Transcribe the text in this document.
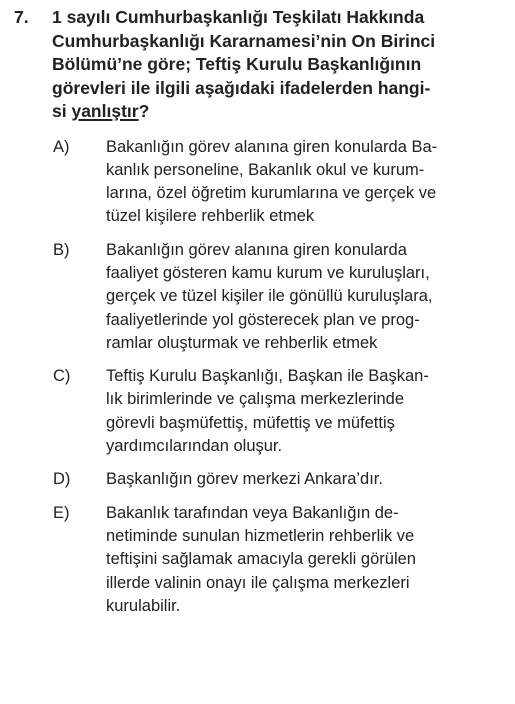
7.	1 sayılı Cumhurbaşkanlığı Teşkilatı Hakkında
Cumhurbaşkanlığı Kararnamesi’nin On Birinci
Bölümü’ne göre; Teftiş Kurulu Başkanlığının
görevleri ile ilgili aşağıdaki ifadelerden hangi-
si yanlıştır?
A)	Bakanlığın görev alanına giren konularda Ba-
kanlık personeline, Bakanlık okul ve kurum-
larına, özel öğretim kurumlarına ve gerçek ve
tüzel kişilere rehberlik etmek
B)	Bakanlığın görev alanına giren konularda
faaliyet gösteren kamu kurum ve kuruluşları,
gerçek ve tüzel kişiler ile gönüllü kuruluşlara,
faaliyetlerinde yol gösterecek plan ve prog-
ramlar oluşturmak ve rehberlik etmek
C)	Teftiş Kurulu Başkanlığı, Başkan ile Başkan-
lık birimlerinde ve çalışma merkezlerinde
görevli başmüfettiş, müfettiş ve müfettiş
yardımcılarından oluşur.
D)	Başkanlığın görev merkezi Ankara’dır.
E)	Bakanlık tarafından veya Bakanlığın de-
netiminde sunulan hizmetlerin rehberlik ve
teftişini sağlamak amacıyla gerekli görülen
illerde valinin onayı ile çalışma merkezleri
kurulabilir.
